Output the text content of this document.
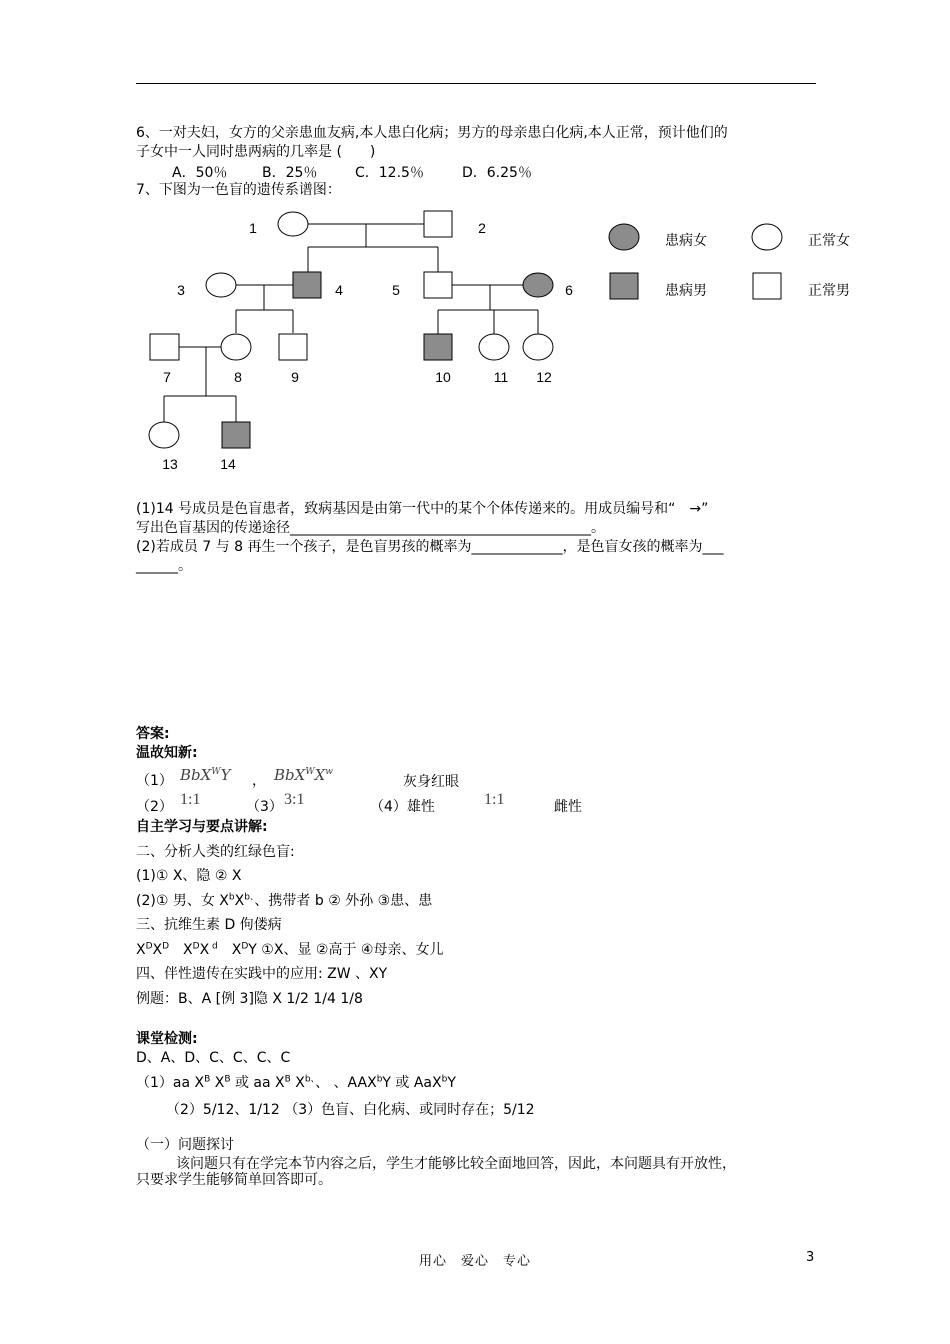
6、一对夫妇，女方的父亲患血友病,本人患白化病；男方的母亲患白化病,本人正常，预计他们的
子女中一人同时患两病的几率是 (　　)
A．50％ B．25％	C．12.5％	D．6.25％
7、下图为一色盲的遗传系谱图：
1	2
3	4	5	6
7	8	9	10	11 12
13	14
患病女	正常女
患病男	正常男
(1)14 号成员是色盲患者，致病基因是由第一代中的某个个体传递来的。用成员编号和“　→”
写出色盲基因的传递途径___________________________________________。
(2)若成员 7 与 8 再生一个孩子，是色盲男孩的概率为_____________，是色盲女孩的概率为___
______。
答案:
温故知新:
（1） BbX$^W$Y ， $BbX^WX^w$
灰身红眼
（2） 1:1	（3） 3:1	（4）雄性	1:1	雌性
自主学习与要点讲解:
二、分析人类的红绿色盲:
(1)① X、隐 ② X
(2)① 男、女 $X^bX^{b、}$、携带者 b ② 外孙 ③患、患
三、抗维生素 D 佝偻病
$X^DX^D$　$X^DX$ $^d$　$X^DY$ ①X、显 ②高于 ④母亲、女儿
四、伴性遗传在实践中的应用: ZW 、XY
例题：B、A [例 3]隐 X 1/2 1/4 1/8
课堂检测:
D、A、D、C、C、C、C
（1）aa $X^B$ $X^B$ 或 aa $X^B$ $X^{b、}$、 、AAX$^b$Y 或 AaX$^b$Y
（2）5/12、1/12 （3）色盲、白化病、或同时存在；5/12
（一）问题探讨
该问题只有在学完本节内容之后，学生才能够比较全面地回答，因此，本问题具有开放性，
只要求学生能够简单回答即可。
用心　爱心　专心	3
